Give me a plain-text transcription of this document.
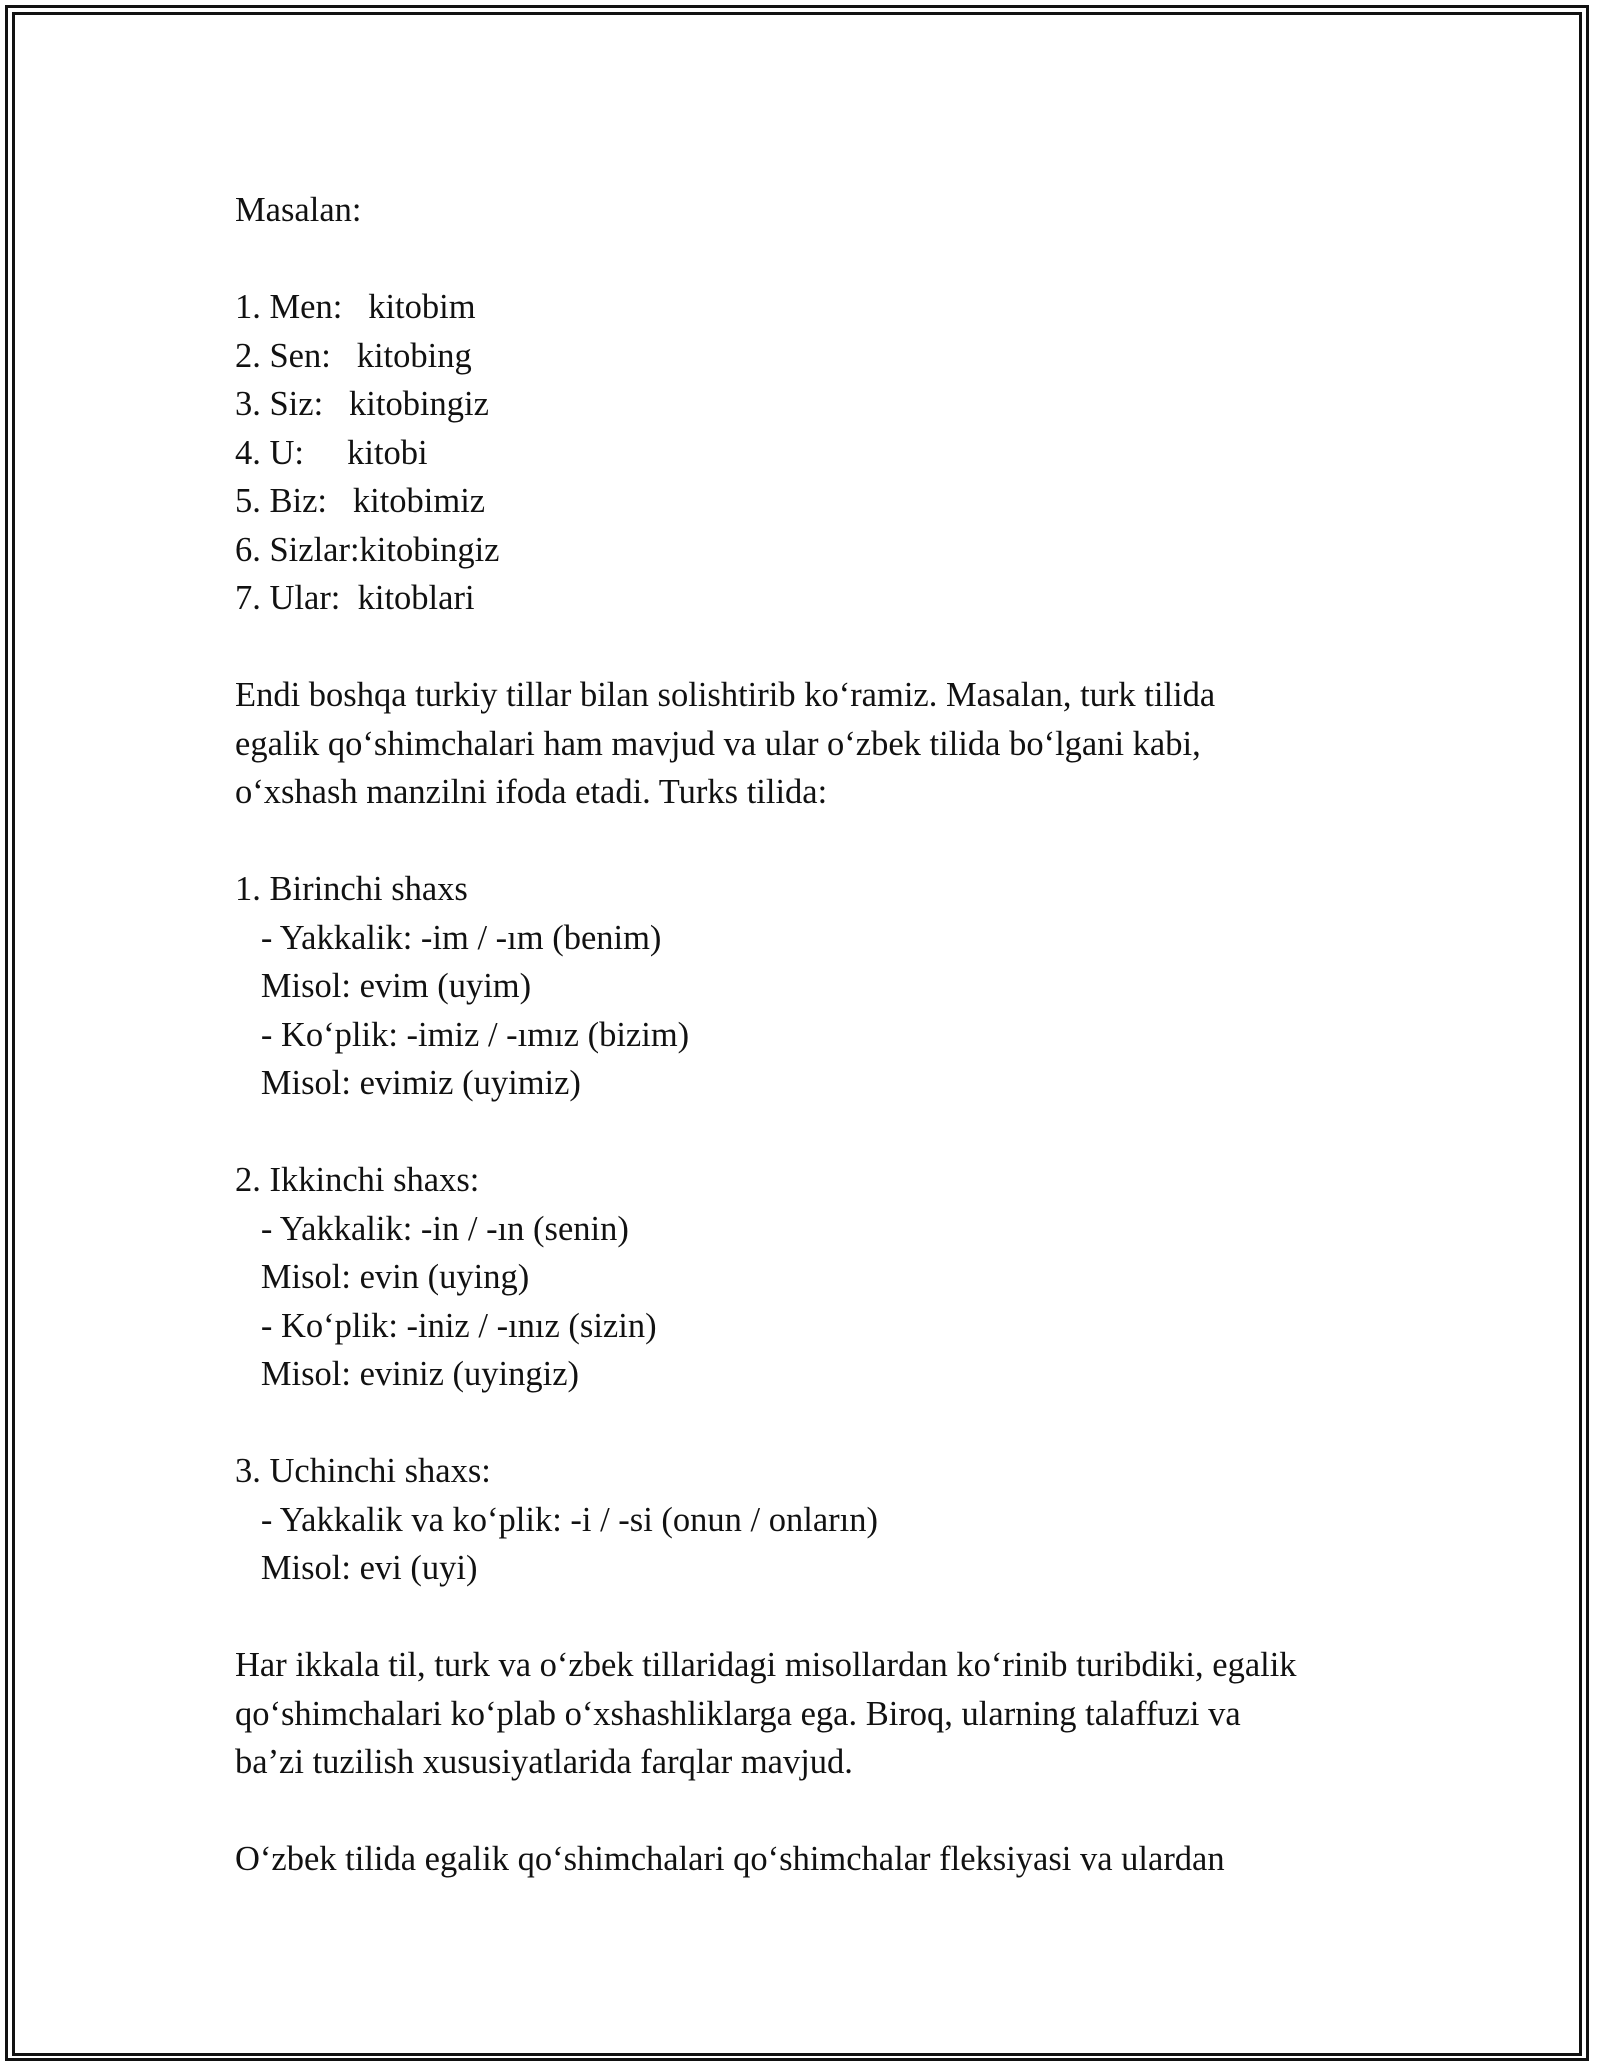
Masalan:
1. Men:   kitobim
2. Sen:   kitobing
3. Siz:   kitobingiz
4. U:     kitobi
5. Biz:   kitobimiz
6. Sizlar:kitobingiz
7. Ular:  kitoblari
Endi boshqa turkiy tillar bilan solishtirib ko‘ramiz. Masalan, turk tilida
egalik qo‘shimchalari ham mavjud va ular o‘zbek tilida bo‘lgani kabi,
o‘xshash manzilni ifoda etadi. Turks tilida:
1. Birinchi shaxs
- Yakkalik: -im / -ım (benim)
Misol: evim (uyim)
- Ko‘plik: -imiz / -ımız (bizim)
Misol: evimiz (uyimiz)
2. Ikkinchi shaxs:
- Yakkalik: -in / -ın (senin)
Misol: evin (uying)
- Ko‘plik: -iniz / -ınız (sizin)
Misol: eviniz (uyingiz)
3. Uchinchi shaxs:
- Yakkalik va ko‘plik: -i / -si (onun / onların)
Misol: evi (uyi)
Har ikkala til, turk va o‘zbek tillaridagi misollardan ko‘rinib turibdiki, egalik
qo‘shimchalari ko‘plab o‘xshashliklarga ega. Biroq, ularning talaffuzi va
ba’zi tuzilish xususiyatlarida farqlar mavjud.
O‘zbek tilida egalik qo‘shimchalari qo‘shimchalar fleksiyasi va ulardan
